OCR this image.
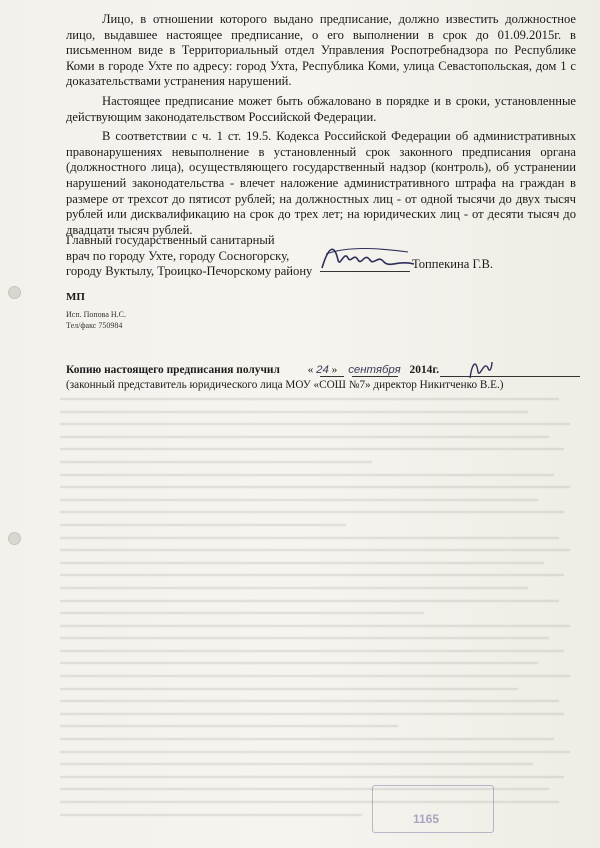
Лицо, в отношении которого выдано предписание, должно известить должностное лицо, выдавшее настоящее предписание, о его выполнении в срок до 01.09.2015г. в письменном виде в Территориальный отдел Управления Роспотребнадзора по Республике Коми в городе Ухте по адресу: город Ухта, Республика Коми, улица Севастопольская, дом 1 с доказательствами устранения нарушений.

Настоящее предписание может быть обжаловано в порядке и в сроки, установленные действующим законодательством Российской Федерации.

В соответствии с ч. 1 ст. 19.5. Кодекса Российской Федерации об административных правонарушениях невыполнение в установленный срок законного предписания органа (должностного лица), осуществляющего государственный надзор (контроль), об устранении нарушений законодательства - влечет наложение административного штрафа на граждан в размере от трехсот до пятисот рублей; на должностных лиц - от одной тысячи до двух тысяч рублей или дисквалификацию на срок до трех лет; на юридических лиц - от десяти тысяч до двадцати тысяч рублей.

Главный государственный санитарный
врач по городу Ухте, городу Сосногорску,
городу Вуктылу, Троицко-Печорскому району
Топпекина Г.В.
МП
Исп. Попова Н.С.
Тел/факс 750984
Копию настоящего предписания получил « 24 » сентября 2014г.
(законный представитель юридического лица МОУ «СОШ №7» директор Никитченко В.Е.)
1165
